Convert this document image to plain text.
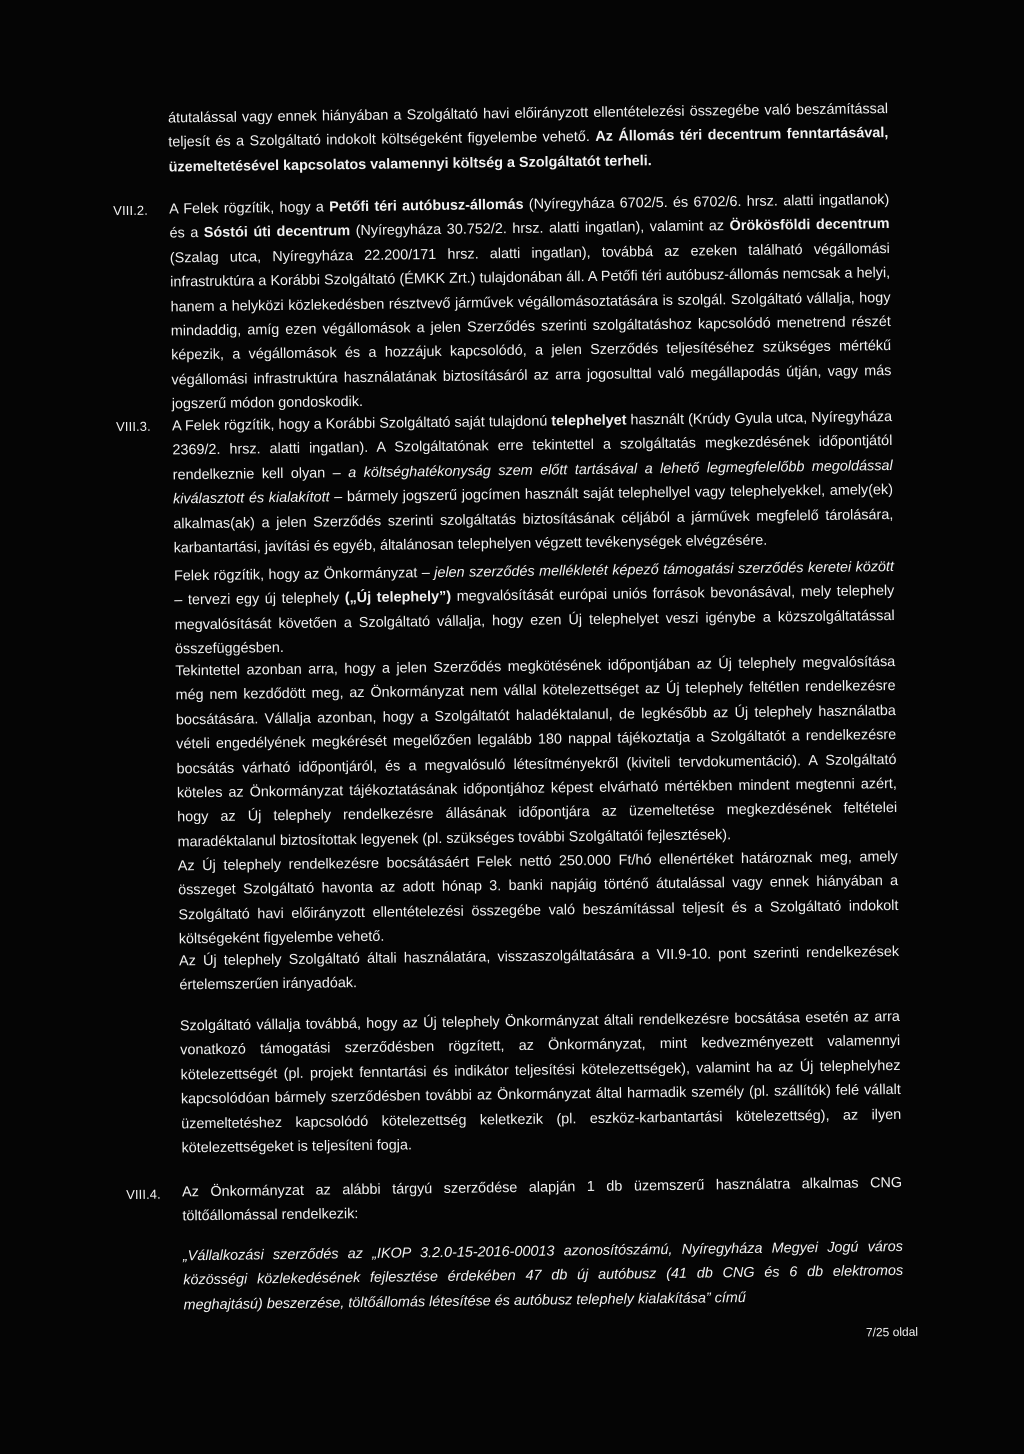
átutalással vagy ennek hiányában a Szolgáltató havi előirányzott ellentételezési összegébe való beszámítással teljesít és a Szolgáltató indokolt költségeként figyelembe vehető. Az Állomás téri decentrum fenntartásával, üzemeltetésével kapcsolatos valamennyi költség a Szolgáltatót terheli.

VIII.2. A Felek rögzítik, hogy a Petőfi téri autóbusz-állomás (Nyíregyháza 6702/5. és 6702/6. hrsz. alatti ingatlanok) és a Sóstói úti decentrum (Nyíregyháza 30.752/2. hrsz. alatti ingatlan), valamint az Örökösföldi decentrum (Szalag utca, Nyíregyháza 22.200/171 hrsz. alatti ingatlan), továbbá az ezeken található végállomási infrastruktúra a Korábbi Szolgáltató (ÉMKK Zrt.) tulajdonában áll. A Petőfi téri autóbusz-állomás nemcsak a helyi, hanem a helyközi közlekedésben résztvevő járművek végállomásoztatására is szolgál. Szolgáltató vállalja, hogy mindaddig, amíg ezen végállomások a jelen Szerződés szerinti szolgáltatáshoz kapcsolódó menetrend részét képezik, a végállomások és a hozzájuk kapcsolódó, a jelen Szerződés teljesítéséhez szükséges mértékű végállomási infrastruktúra használatának biztosításáról az arra jogosulttal való megállapodás útján, vagy más jogszerű módon gondoskodik.

VIII.3. A Felek rögzítik, hogy a Korábbi Szolgáltató saját tulajdonú telephelyet használt (Krúdy Gyula utca, Nyíregyháza 2369/2. hrsz. alatti ingatlan). A Szolgáltatónak erre tekintettel a szolgáltatás megkezdésének időpontjától rendelkeznie kell olyan – a költséghatékonyság szem előtt tartásával a lehető legmegfelelőbb megoldással kiválasztott és kialakított – bármely jogszerű jogcímen használt saját telephellyel vagy telephelyekkel, amely(ek) alkalmas(ak) a jelen Szerződés szerinti szolgáltatás biztosításának céljából a járművek megfelelő tárolására, karbantartási, javítási és egyéb, általánosan telephelyen végzett tevékenységek elvégzésére.

Felek rögzítik, hogy az Önkormányzat – jelen szerződés mellékletét képező támogatási szerződés keretei között – tervezi egy új telephely („Új telephely”) megvalósítását európai uniós források bevonásával, mely telephely megvalósítását követően a Szolgáltató vállalja, hogy ezen Új telephelyet veszi igénybe a közszolgáltatással összefüggésben.

Tekintettel azonban arra, hogy a jelen Szerződés megkötésének időpontjában az Új telephely megvalósítása még nem kezdődött meg, az Önkormányzat nem vállal kötelezettséget az Új telephely feltétlen rendelkezésre bocsátására. Vállalja azonban, hogy a Szolgáltatót haladéktalanul, de legkésőbb az Új telephely használatba vételi engedélyének megkérését megelőzően legalább 180 nappal tájékoztatja a Szolgáltatót a rendelkezésre bocsátás várható időpontjáról, és a megvalósuló létesítményekről (kiviteli tervdokumentáció). A Szolgáltató köteles az Önkormányzat tájékoztatásának időpontjához képest elvárható mértékben mindent megtenni azért, hogy az Új telephely rendelkezésre állásának időpontjára az üzemeltetése megkezdésének feltételei maradéktalanul biztosítottak legyenek (pl. szükséges további Szolgáltatói fejlesztések).

Az Új telephely rendelkezésre bocsátásáért Felek nettó 250.000 Ft/hó ellenértéket határoznak meg, amely összeget Szolgáltató havonta az adott hónap 3. banki napjáig történő átutalással vagy ennek hiányában a Szolgáltató havi előirányzott ellentételezési összegébe való beszámítással teljesít és a Szolgáltató indokolt költségeként figyelembe vehető.

Az Új telephely Szolgáltató általi használatára, visszaszolgáltatására a VII.9-10. pont szerinti rendelkezések értelemszerűen irányadóak.

Szolgáltató vállalja továbbá, hogy az Új telephely Önkormányzat általi rendelkezésre bocsátása esetén az arra vonatkozó támogatási szerződésben rögzített, az Önkormányzat, mint kedvezményezett valamennyi kötelezettségét (pl. projekt fenntartási és indikátor teljesítési kötelezettségek), valamint ha az Új telephelyhez kapcsolódóan bármely szerződésben további az Önkormányzat által harmadik személy (pl. szállítók) felé vállalt üzemeltetéshez kapcsolódó kötelezettség keletkezik (pl. eszköz-karbantartási kötelezettség), az ilyen kötelezettségeket is teljesíteni fogja.

VIII.4. Az Önkormányzat az alábbi tárgyú szerződése alapján 1 db üzemszerű használatra alkalmas CNG töltőállomással rendelkezik:

„Vállalkozási szerződés az „IKOP 3.2.0-15-2016-00013 azonosítószámú, Nyíregyháza Megyei Jogú város közösségi közlekedésének fejlesztése érdekében 47 db új autóbusz (41 db CNG és 6 db elektromos meghajtású) beszerzése, töltőállomás létesítése és autóbusz telephely kialakítása” című

7/25 oldal
